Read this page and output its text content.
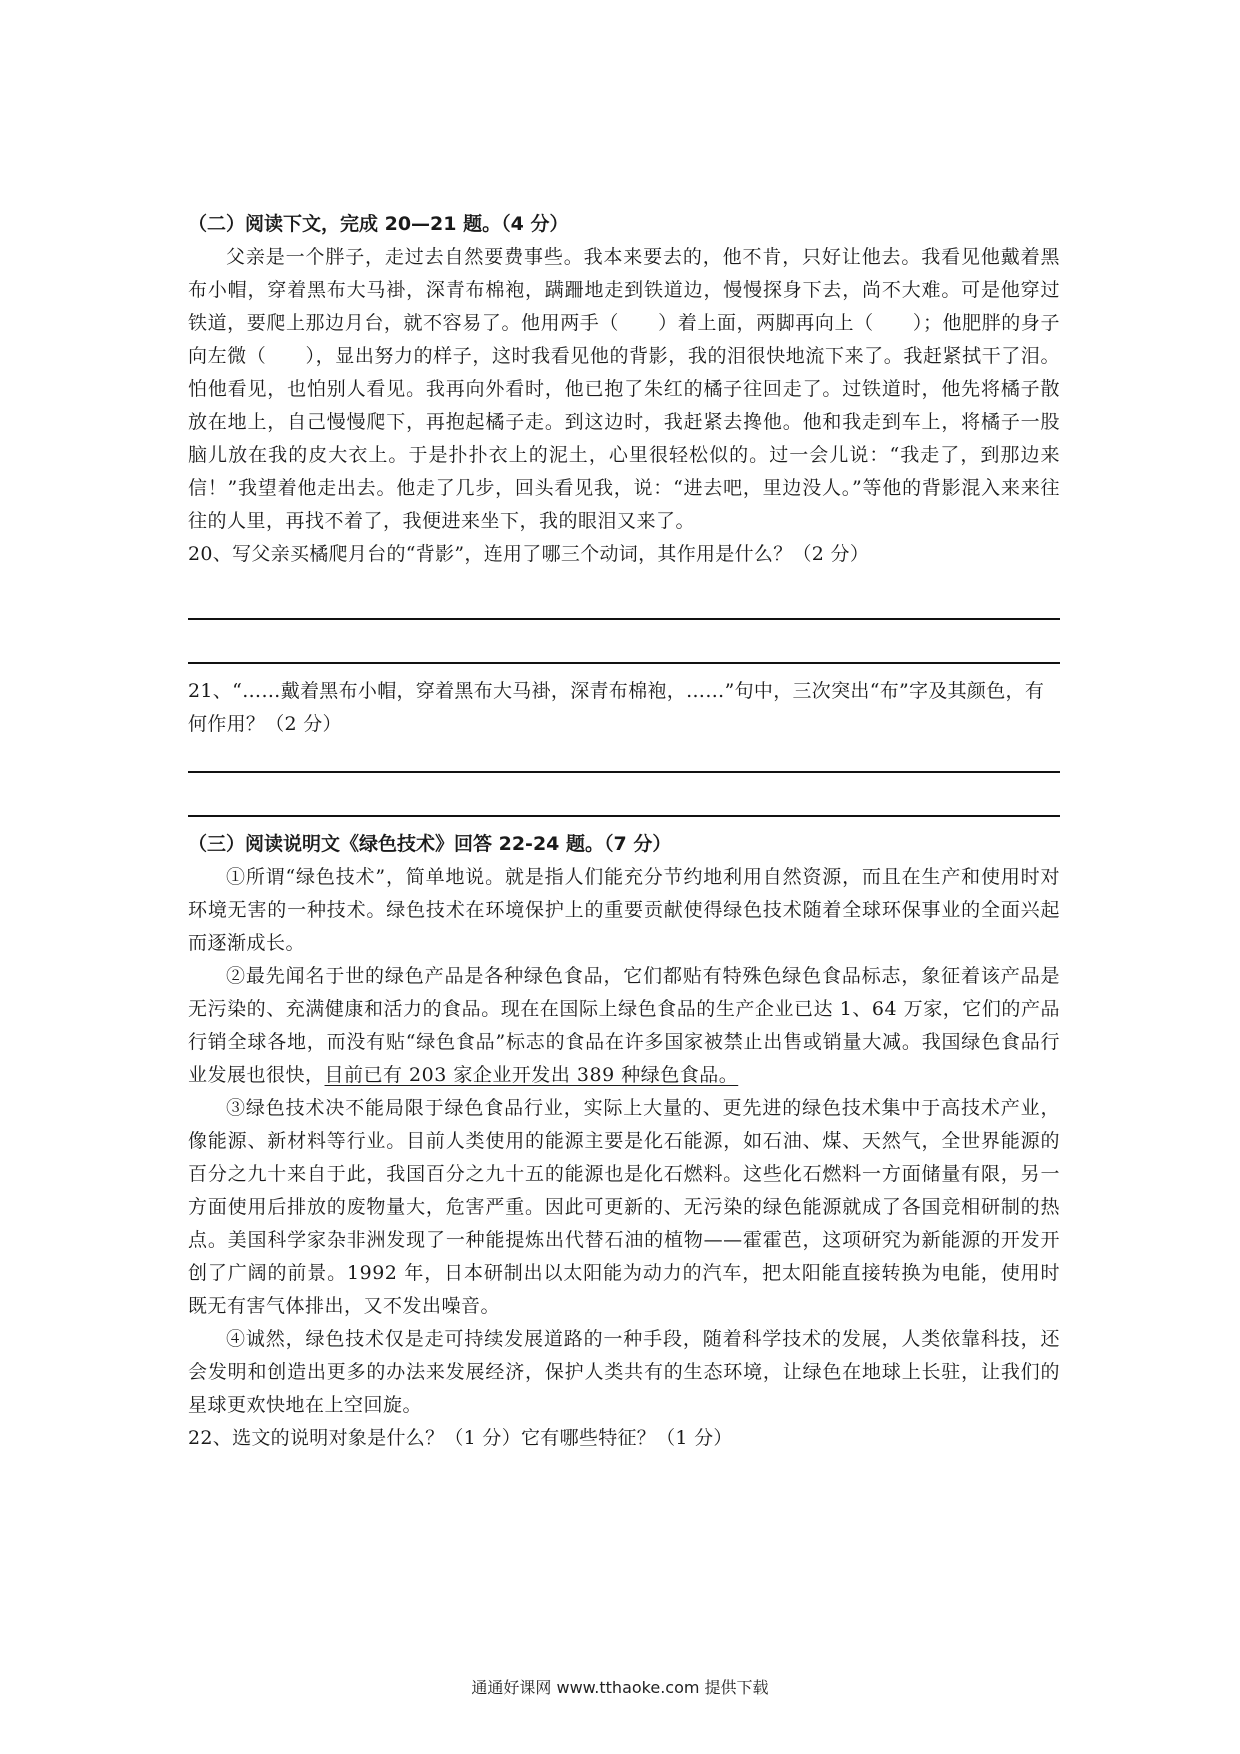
（二）阅读下文，完成 20—21 题。（4 分）

父亲是一个胖子，走过去自然要费事些。我本来要去的，他不肯，只好让他去。我看见他戴着黑布小帽，穿着黑布大马褂，深青布棉袍，蹒跚地走到铁道边，慢慢探身下去，尚不大难。可是他穿过铁道，要爬上那边月台，就不容易了。他用两手（　　）着上面，两脚再向上（　　）；他肥胖的身子向左微（　　），显出努力的样子，这时我看见他的背影，我的泪很快地流下来了。我赶紧拭干了泪。怕他看见，也怕别人看见。我再向外看时，他已抱了朱红的橘子往回走了。过铁道时，他先将橘子散放在地上，自己慢慢爬下，再抱起橘子走。到这边时，我赶紧去搀他。他和我走到车上，将橘子一股脑儿放在我的皮大衣上。于是扑扑衣上的泥土，心里很轻松似的。过一会儿说：“我走了，到那边来信！”我望着他走出去。他走了几步，回头看见我，说：“进去吧，里边没人。”等他的背影混入来来往往的人里，再找不着了，我便进来坐下，我的眼泪又来了。

20、写父亲买橘爬月台的“背影”，连用了哪三个动词，其作用是什么？（2 分）

21、“……戴着黑布小帽，穿着黑布大马褂，深青布棉袍，……”句中，三次突出“布”字及其颜色，有何作用？（2 分）

（三）阅读说明文《绿色技术》回答 22-24 题。（7 分）

①所谓“绿色技术”，简单地说。就是指人们能充分节约地利用自然资源，而且在生产和使用时对环境无害的一种技术。绿色技术在环境保护上的重要贡献使得绿色技术随着全球环保事业的全面兴起而逐渐成长。

②最先闻名于世的绿色产品是各种绿色食品，它们都贴有特殊色绿色食品标志，象征着该产品是无污染的、充满健康和活力的食品。现在在国际上绿色食品的生产企业已达 1、64 万家，它们的产品行销全球各地，而没有贴“绿色食品”标志的食品在许多国家被禁止出售或销量大减。我国绿色食品行业发展也很快，目前已有 203 家企业开发出 389 种绿色食品。

③绿色技术决不能局限于绿色食品行业，实际上大量的、更先进的绿色技术集中于高技术产业，像能源、新材料等行业。目前人类使用的能源主要是化石能源，如石油、煤、天然气，全世界能源的百分之九十来自于此，我国百分之九十五的能源也是化石燃料。这些化石燃料一方面储量有限，另一方面使用后排放的废物量大，危害严重。因此可更新的、无污染的绿色能源就成了各国竞相研制的热点。美国科学家杂非洲发现了一种能提炼出代替石油的植物——霍霍芭，这项研究为新能源的开发开创了广阔的前景。1992 年，日本研制出以太阳能为动力的汽车，把太阳能直接转换为电能，使用时既无有害气体排出，又不发出噪音。

④诚然，绿色技术仅是走可持续发展道路的一种手段，随着科学技术的发展，人类依靠科技，还会发明和创造出更多的办法来发展经济，保护人类共有的生态环境，让绿色在地球上长驻，让我们的星球更欢快地在上空回旋。

22、选文的说明对象是什么？（1 分）它有哪些特征？（1 分）

通通好课网 www.tthaoke.com 提供下载
